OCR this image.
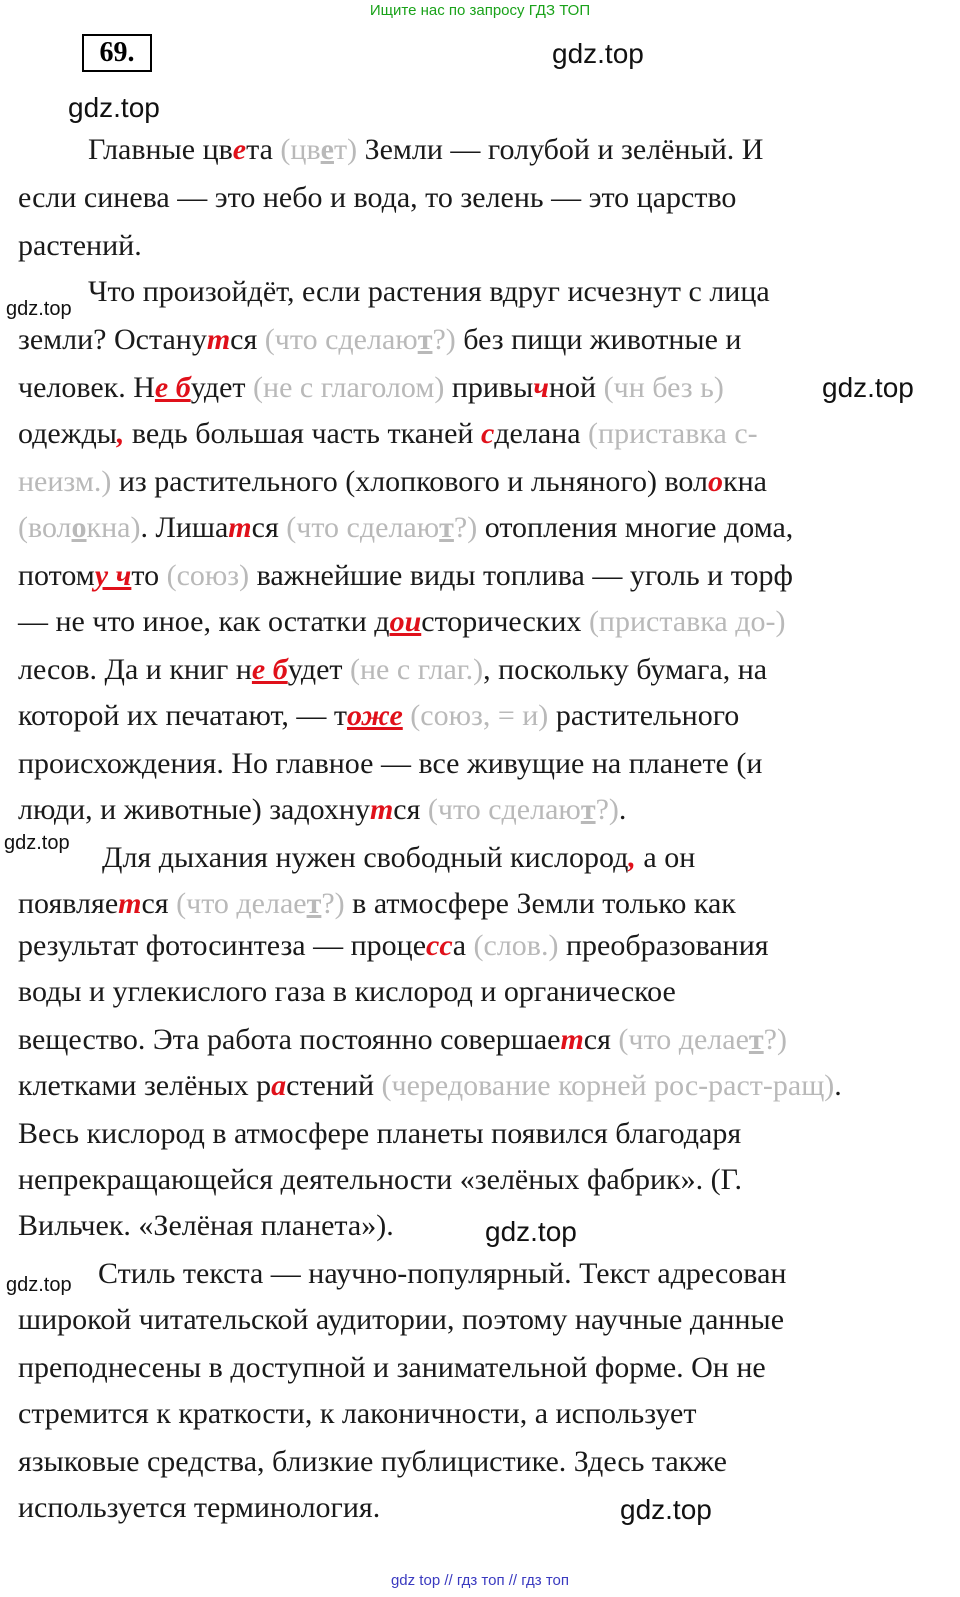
Ищите нас по запросу ГДЗ ТОП
69.	gdz.top
gdz.top
gdz.top
gdz.top
gdz.top
gdz.top
gdz.top
gdz.top
Главные цвета (цвет) Земли — голубой и зелёный. И
если синева — это небо и вода, то зелень — это царство
растений.
Что произойдёт, если растения вдруг исчезнут с лица
земли? Останутся (что сделают?) без пищи животные и
человек. Не будет (не с глаголом) привычной (чн без ь)
одежды, ведь большая часть тканей сделана (приставка с-
неизм.) из растительного (хлопкового и льняного) волокна
(волокна). Лишатся (что сделают?) отопления многие дома,
потому что (союз) важнейшие виды топлива — уголь и торф
— не что иное, как остатки доисторических (приставка до-)
лесов. Да и книг не будет (не с глаг.), поскольку бумага, на
которой их печатают, — тоже (союз, = и) растительного
происхождения. Но главное — все живущие на планете (и
люди, и животные) задохнутся (что сделают?).
Для дыхания нужен свободный кислород, а он
появляется (что делает?) в атмосфере Земли только как
результат фотосинтеза — процесса (слов.) преобразования
воды и углекислого газа в кислород и органическое
вещество. Эта работа постоянно совершается (что делает?)
клетками зелёных растений (чередование корней рос-раст-ращ).
Весь кислород в атмосфере планеты появился благодаря
непрекращающейся деятельности «зелёных фабрик». (Г.
Вильчек. «Зелёная планета»).
Стиль текста — научно-популярный. Текст адресован
широкой читательской аудитории, поэтому научные данные
преподнесены в доступной и занимательной форме. Он не
стремится к краткости, к лаконичности, а использует
языковые средства, близкие публицистике. Здесь также
используется терминология.
gdz top // гдз топ // гдз топ
